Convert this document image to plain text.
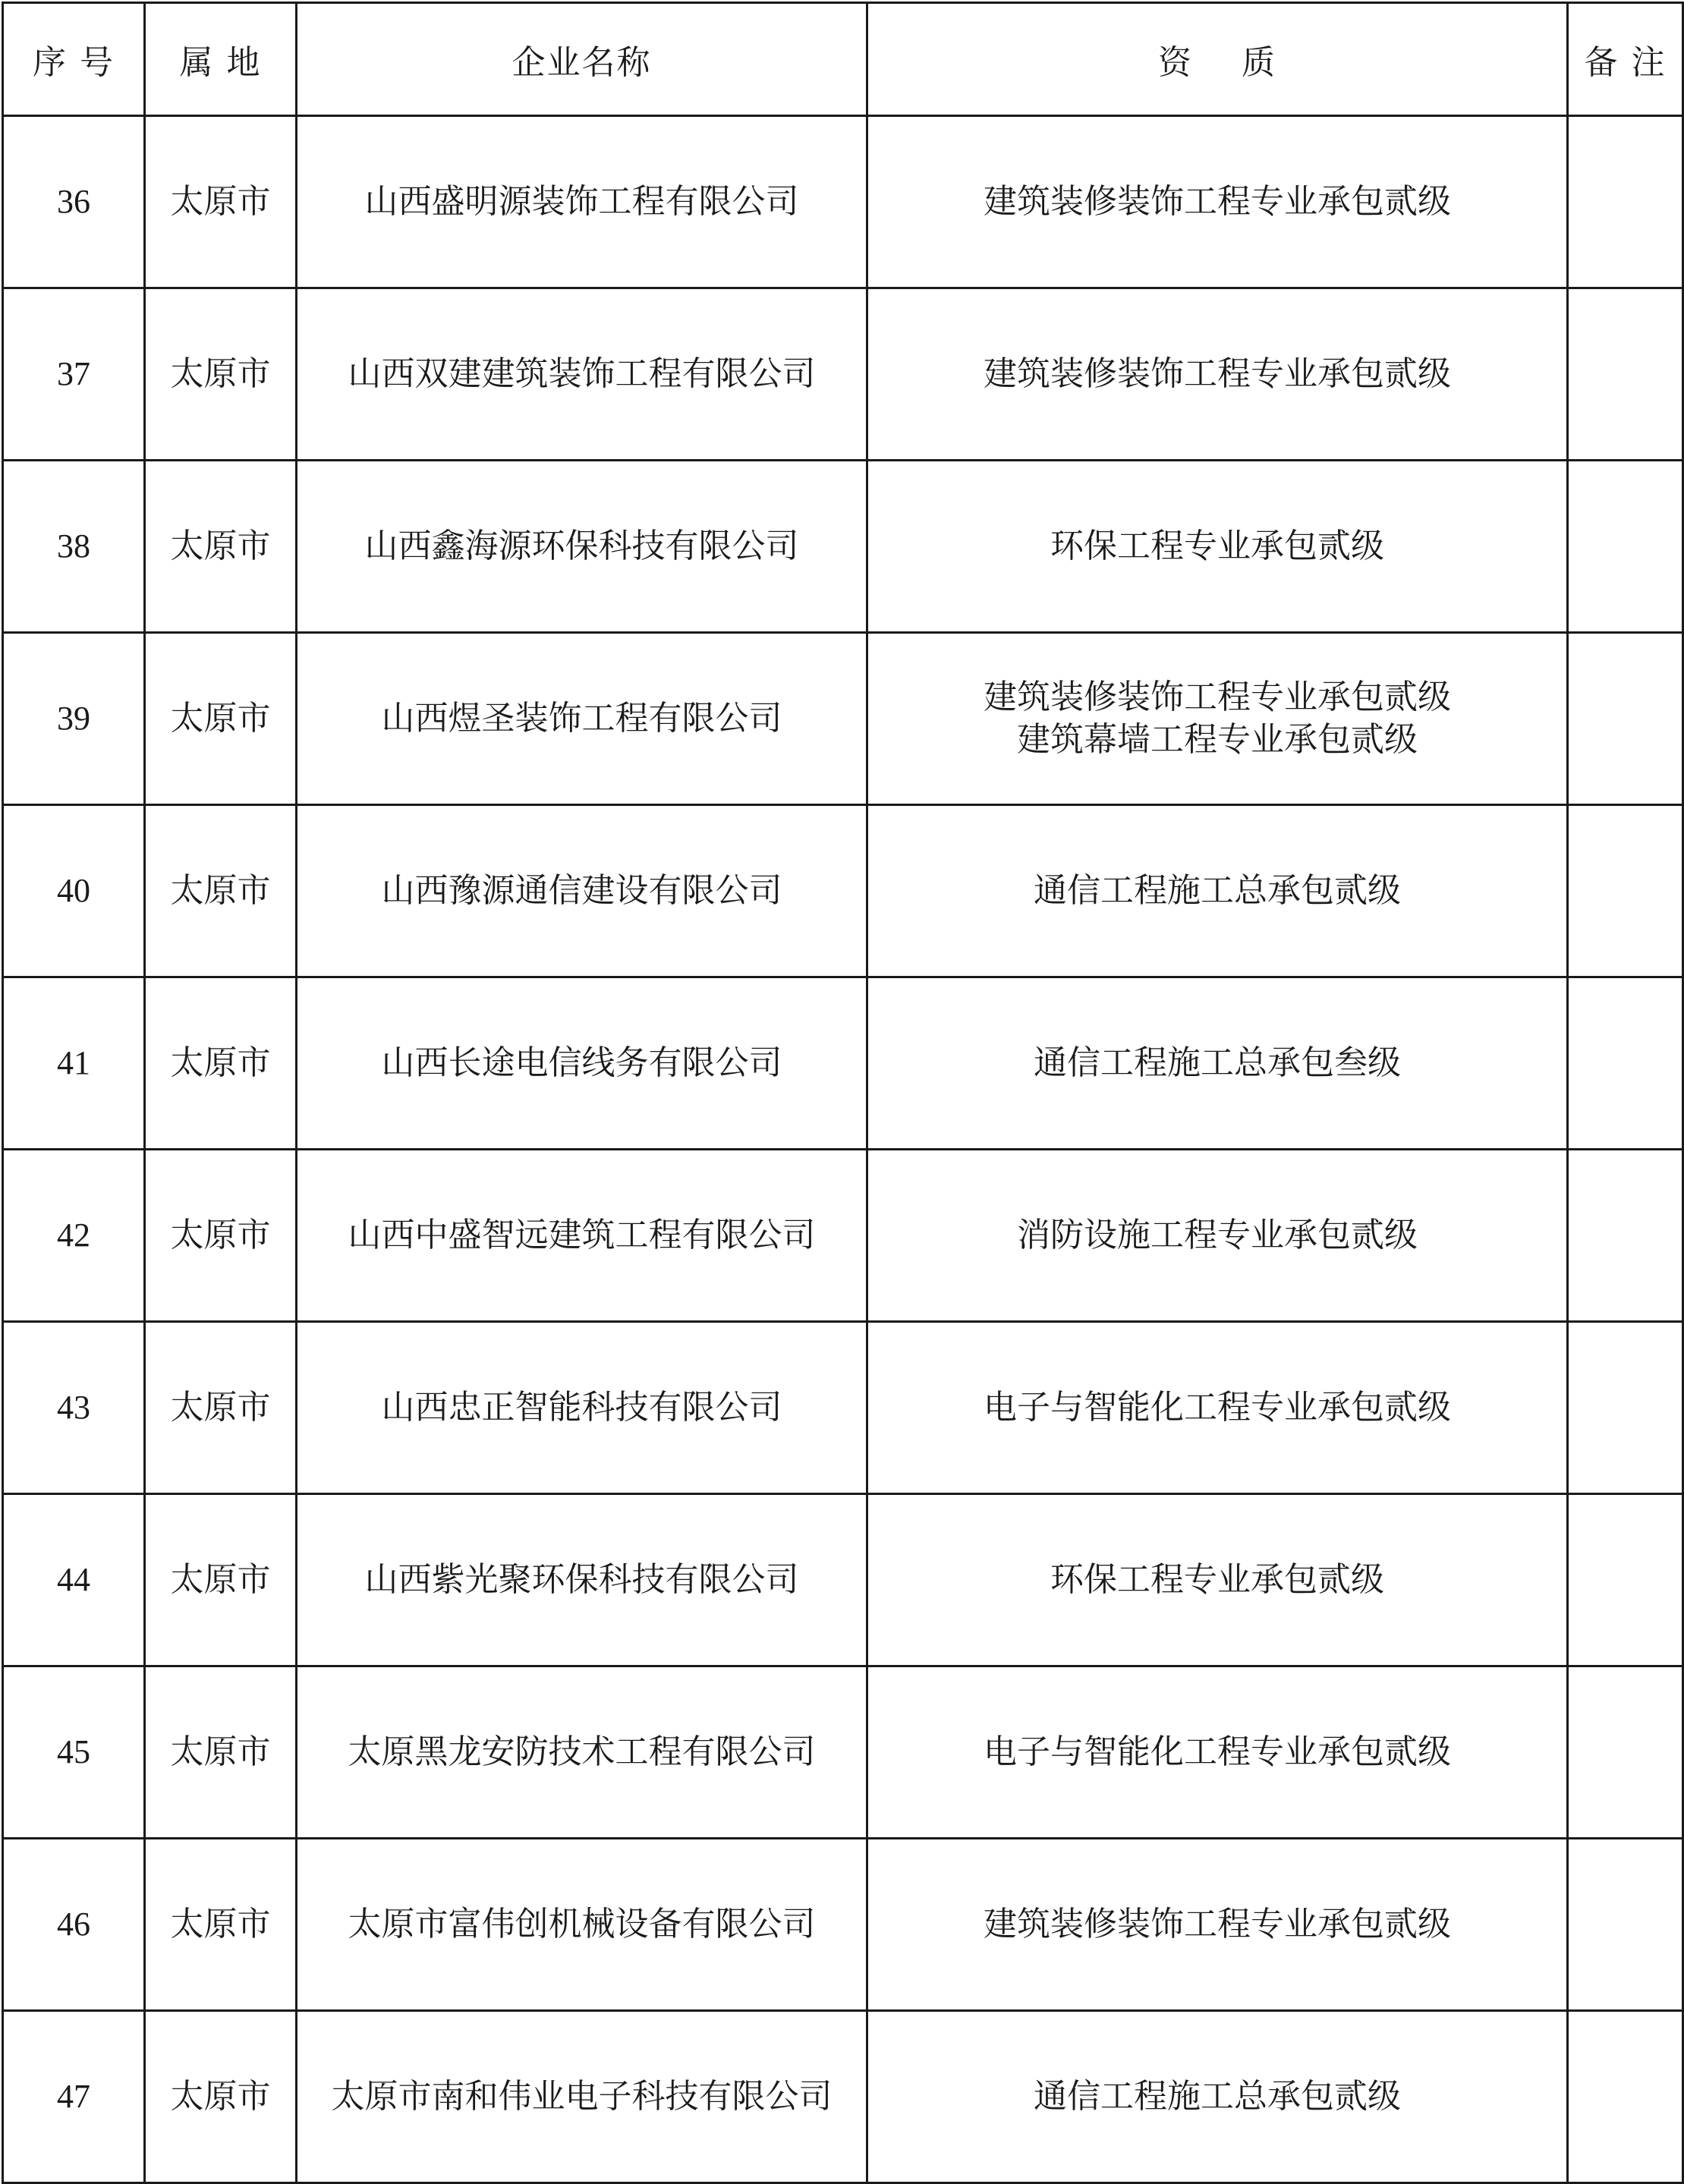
序 号	属 地	企业名称	资    质	备 注
36	太原市	山西盛明源装饰工程有限公司	建筑装修装饰工程专业承包贰级	

37	太原市	山西双建建筑装饰工程有限公司	建筑装修装饰工程专业承包贰级	

38	太原市	山西鑫海源环保科技有限公司	环保工程专业承包贰级	

39	太原市	山西煜圣装饰工程有限公司	建筑装修装饰工程专业承包贰级
建筑幕墙工程专业承包贰级	

40	太原市	山西豫源通信建设有限公司	通信工程施工总承包贰级	

41	太原市	山西长途电信线务有限公司	通信工程施工总承包叁级	

42	太原市	山西中盛智远建筑工程有限公司	消防设施工程专业承包贰级	

43	太原市	山西忠正智能科技有限公司	电子与智能化工程专业承包贰级	

44	太原市	山西紫光聚环保科技有限公司	环保工程专业承包贰级	

45	太原市	太原黑龙安防技术工程有限公司	电子与智能化工程专业承包贰级	

46	太原市	太原市富伟创机械设备有限公司	建筑装修装饰工程专业承包贰级	

47	太原市	太原市南和伟业电子科技有限公司	通信工程施工总承包贰级	
